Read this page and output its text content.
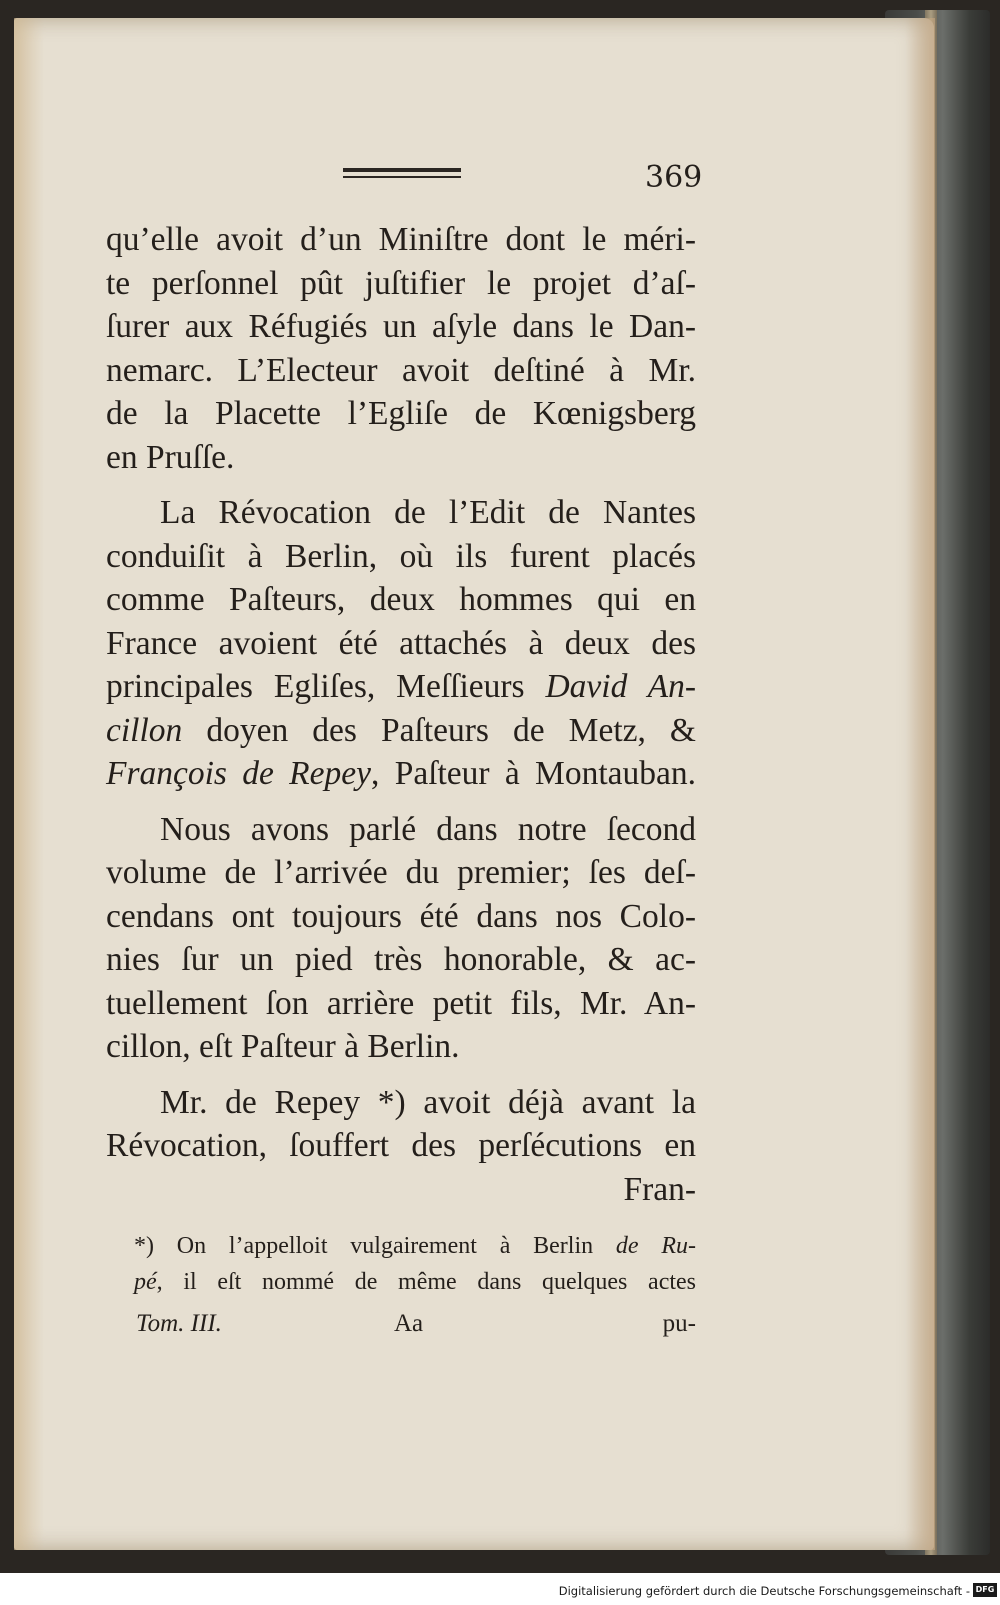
369
qu’elle avoit d’un Miniſtre dont le méri-
te perſonnel pût juſtifier le projet d’aſ-
ſurer aux Réfugiés un aſyle dans le Dan-
nemarc. L’Electeur avoit deſtiné à Mr.
de la Placette l’Egliſe de Kœnigsberg
en Pruſſe.
La Révocation de l’Edit de Nantes
conduiſit à Berlin, où ils furent placés
comme Paſteurs, deux hommes qui en
France avoient été attachés à deux des
principales Egliſes, Meſſieurs David An-
cillon doyen des Paſteurs de Metz, &
François de Repey, Paſteur à Montauban.
Nous avons parlé dans notre ſecond
volume de l’arrivée du premier; ſes deſ-
cendans ont toujours été dans nos Colo-
nies ſur un pied très honorable, & ac-
tuellement ſon arrière petit fils, Mr. An-
cillon, eſt Paſteur à Berlin.
Mr. de Repey *) avoit déjà avant la
Révocation, ſouffert des perſécutions en
Fran-
*) On l’appelloit vulgairement à Berlin de Ru-
pé, il eſt nommé de même dans quelques actes
Tom. III.	Aa	pu-
Digitalisierung gefördert durch die Deutsche Forschungsgemeinschaft - DFG
